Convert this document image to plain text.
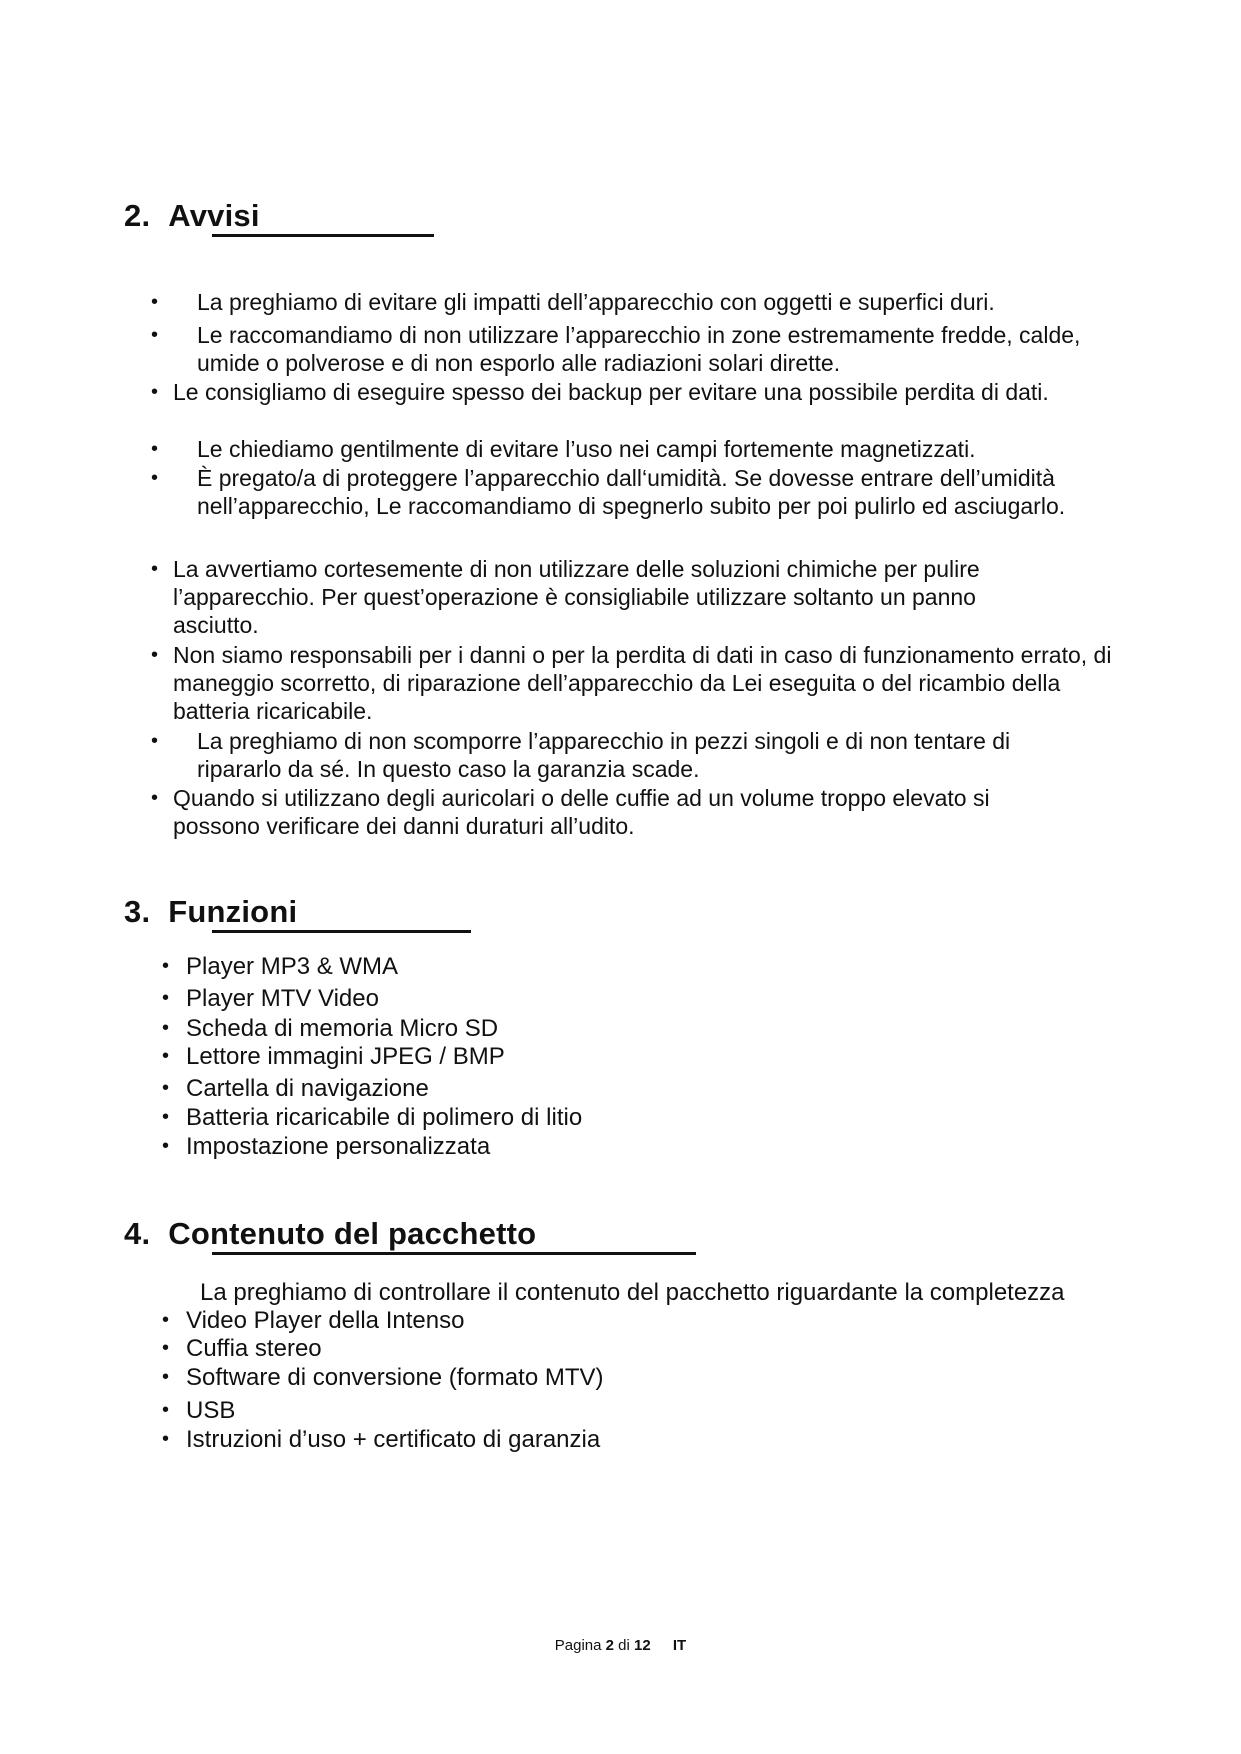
2. Avvisi
•	La preghiamo di evitare gli impatti dell’apparecchio con oggetti e superfici duri.
•	Le raccomandiamo di non utilizzare l’apparecchio in zone estremamente fredde, calde, umide o polverose e di non esporlo alle radiazioni solari dirette.
• Le consigliamo di eseguire spesso dei backup per evitare una possibile perdita di dati.
•	Le chiediamo gentilmente di evitare l’uso nei campi fortemente magnetizzati.
•	È pregato/a di proteggere l’apparecchio dall‘umidità. Se dovesse entrare dell’umidità nell’apparecchio, Le raccomandiamo di spegnerlo subito per poi pulirlo ed asciugarlo.
• La avvertiamo cortesemente di non utilizzare delle soluzioni chimiche per pulire l’apparecchio. Per quest’operazione è consigliabile utilizzare soltanto un panno asciutto.
• Non siamo responsabili per i danni o per la perdita di dati in caso di funzionamento errato, di maneggio scorretto, di riparazione dell’apparecchio da Lei eseguita o del ricambio della batteria ricaricabile.
•	La preghiamo di non scomporre l’apparecchio in pezzi singoli e di non tentare di ripararlo da sé. In questo caso la garanzia scade.
• Quando si utilizzano degli auricolari o delle cuffie ad un volume troppo elevato si possono verificare dei danni duraturi all’udito.
3. Funzioni
• Player MP3 & WMA
• Player MTV Video
• Scheda di memoria Micro SD
• Lettore immagini JPEG / BMP
• Cartella di navigazione
• Batteria ricaricabile di polimero di litio
• Impostazione personalizzata
4. Contenuto del pacchetto

La preghiamo di controllare il contenuto del pacchetto riguardante la completezza

• Video Player della Intenso
• Cuffia stereo
• Software di conversione (formato MTV)
• USB
• Istruzioni d’uso + certificato di garanzia
Pagina 2 di 12 IT
